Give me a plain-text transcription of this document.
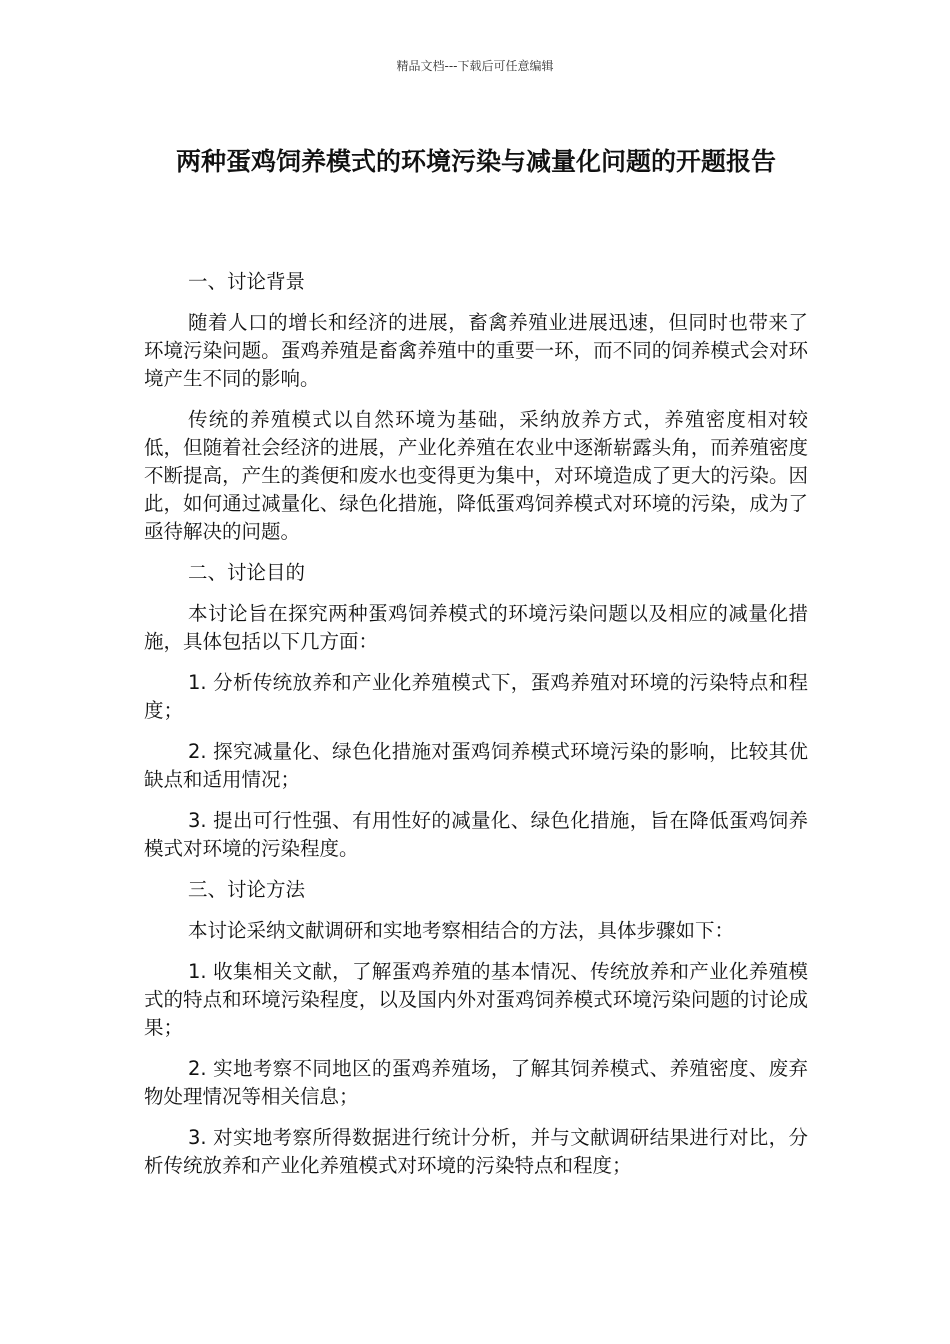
精品文档---下载后可任意编辑
两种蛋鸡饲养模式的环境污染与减量化问题的开题报告
一、讨论背景

随着人口的增长和经济的进展，畜禽养殖业进展迅速，但同时也带来了环境污染问题。蛋鸡养殖是畜禽养殖中的重要一环，而不同的饲养模式会对环境产生不同的影响。

传统的养殖模式以自然环境为基础，采纳放养方式，养殖密度相对较低，但随着社会经济的进展，产业化养殖在农业中逐渐崭露头角，而养殖密度不断提高，产生的粪便和废水也变得更为集中，对环境造成了更大的污染。因此，如何通过减量化、绿色化措施，降低蛋鸡饲养模式对环境的污染，成为了亟待解决的问题。

二、讨论目的

本讨论旨在探究两种蛋鸡饲养模式的环境污染问题以及相应的减量化措施，具体包括以下几方面：

1. 分析传统放养和产业化养殖模式下，蛋鸡养殖对环境的污染特点和程度；

2. 探究减量化、绿色化措施对蛋鸡饲养模式环境污染的影响，比较其优缺点和适用情况；

3. 提出可行性强、有用性好的减量化、绿色化措施，旨在降低蛋鸡饲养模式对环境的污染程度。

三、讨论方法

本讨论采纳文献调研和实地考察相结合的方法，具体步骤如下：

1. 收集相关文献，了解蛋鸡养殖的基本情况、传统放养和产业化养殖模式的特点和环境污染程度，以及国内外对蛋鸡饲养模式环境污染问题的讨论成果；

2. 实地考察不同地区的蛋鸡养殖场，了解其饲养模式、养殖密度、废弃物处理情况等相关信息；

3. 对实地考察所得数据进行统计分析，并与文献调研结果进行对比，分析传统放养和产业化养殖模式对环境的污染特点和程度；
